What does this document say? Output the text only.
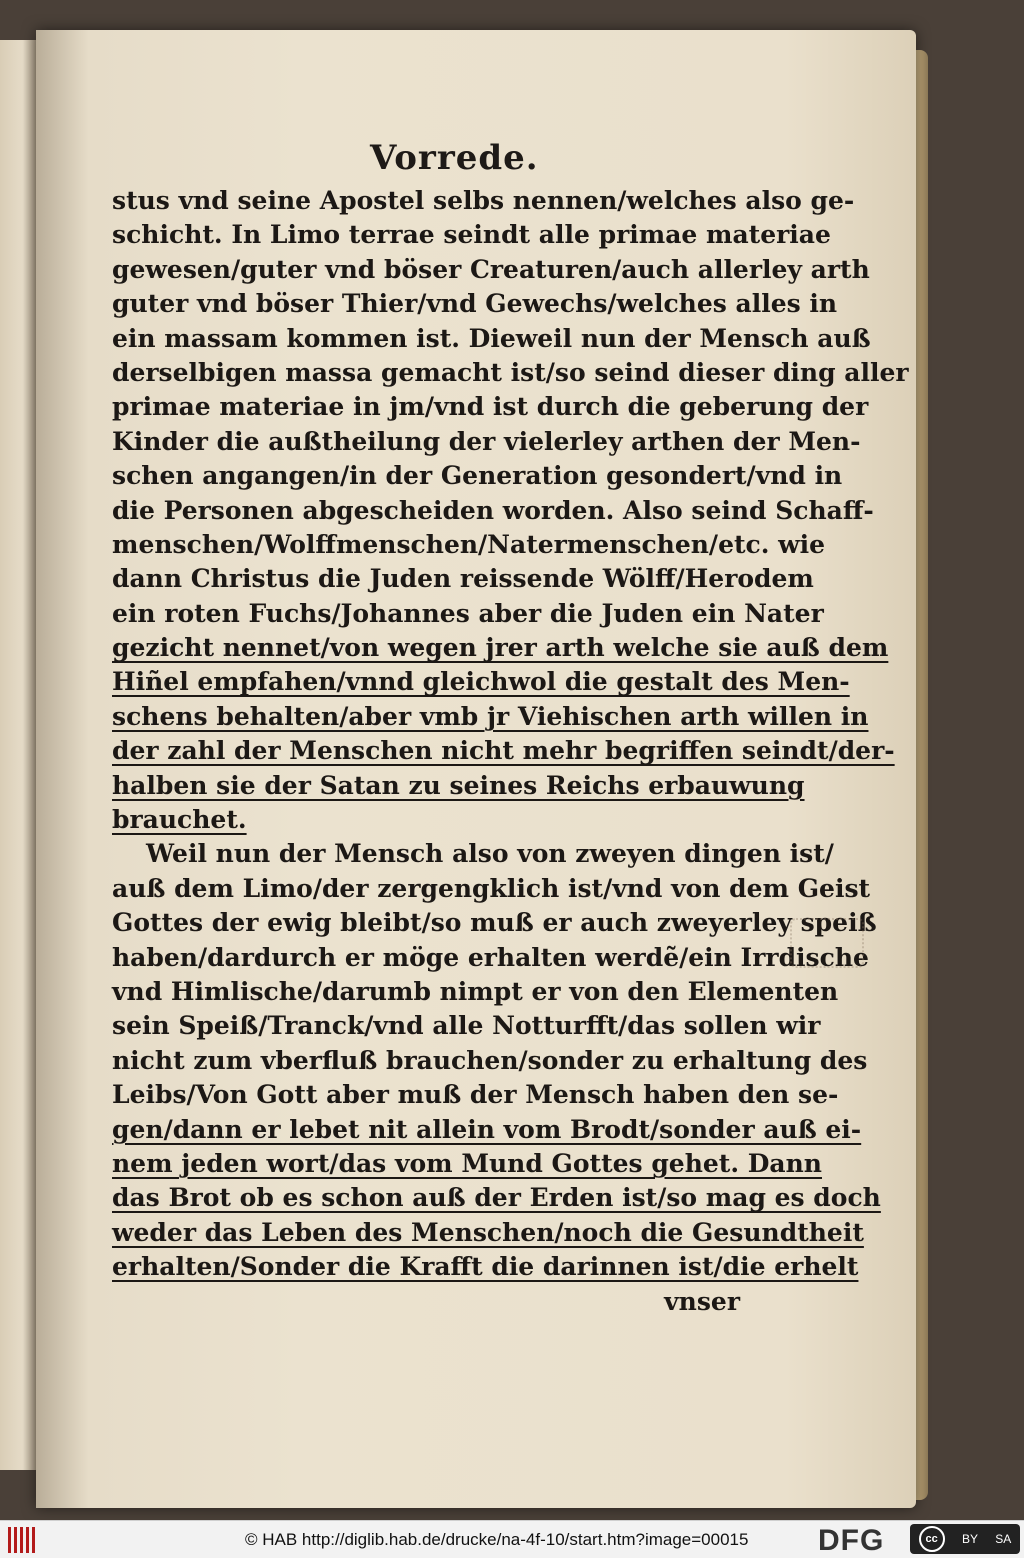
Vorrede.
stus vnd seine Apostel selbs nennen/welches also ge-
schicht. In Limo terrae seindt alle primae materiae
gewesen/guter vnd böser Creaturen/auch allerley arth
guter vnd böser Thier/vnd Gewechs/welches alles in
ein massam kommen ist. Dieweil nun der Mensch auß
derselbigen massa gemacht ist/so seind dieser ding aller
primae materiae in jm/vnd ist durch die geberung der
Kinder die außtheilung der vielerley arthen der Men-
schen angangen/in der Generation gesondert/vnd in
die Personen abgescheiden worden. Also seind Schaff-
menschen/Wolffmenschen/Natermenschen/etc. wie
dann Christus die Juden reissende Wölff/Herodem
ein roten Fuchs/Johannes aber die Juden ein Nater
gezicht nennet/von wegen jrer arth welche sie auß dem
Hiñel empfahen/vnnd gleichwol die gestalt des Men-
schens behalten/aber vmb jr Viehischen arth willen in
der zahl der Menschen nicht mehr begriffen seindt/der-
halben sie der Satan zu seines Reichs erbauwung
brauchet.
Weil nun der Mensch also von zweyen dingen ist/
auß dem Limo/der zergengklich ist/vnd von dem Geist
Gottes der ewig bleibt/so muß er auch zweyerley speiß
haben/dardurch er möge erhalten werdẽ/ein Irrdische
vnd Himlische/darumb nimpt er von den Elementen
sein Speiß/Tranck/vnd alle Notturfft/das sollen wir
nicht zum vberfluß brauchen/sonder zu erhaltung des
Leibs/Von Gott aber muß der Mensch haben den se-
gen/dann er lebet nit allein vom Brodt/sonder auß ei-
nem jeden wort/das vom Mund Gottes gehet. Dann
das Brot ob es schon auß der Erden ist/so mag es doch
weder das Leben des Menschen/noch die Gesundtheit
erhalten/Sonder die Krafft die darinnen ist/die erhelt
vnser
© HAB http://diglib.hab.de/drucke/na-4f-10/start.htm?image=00015 DFG	cc	BY SA
